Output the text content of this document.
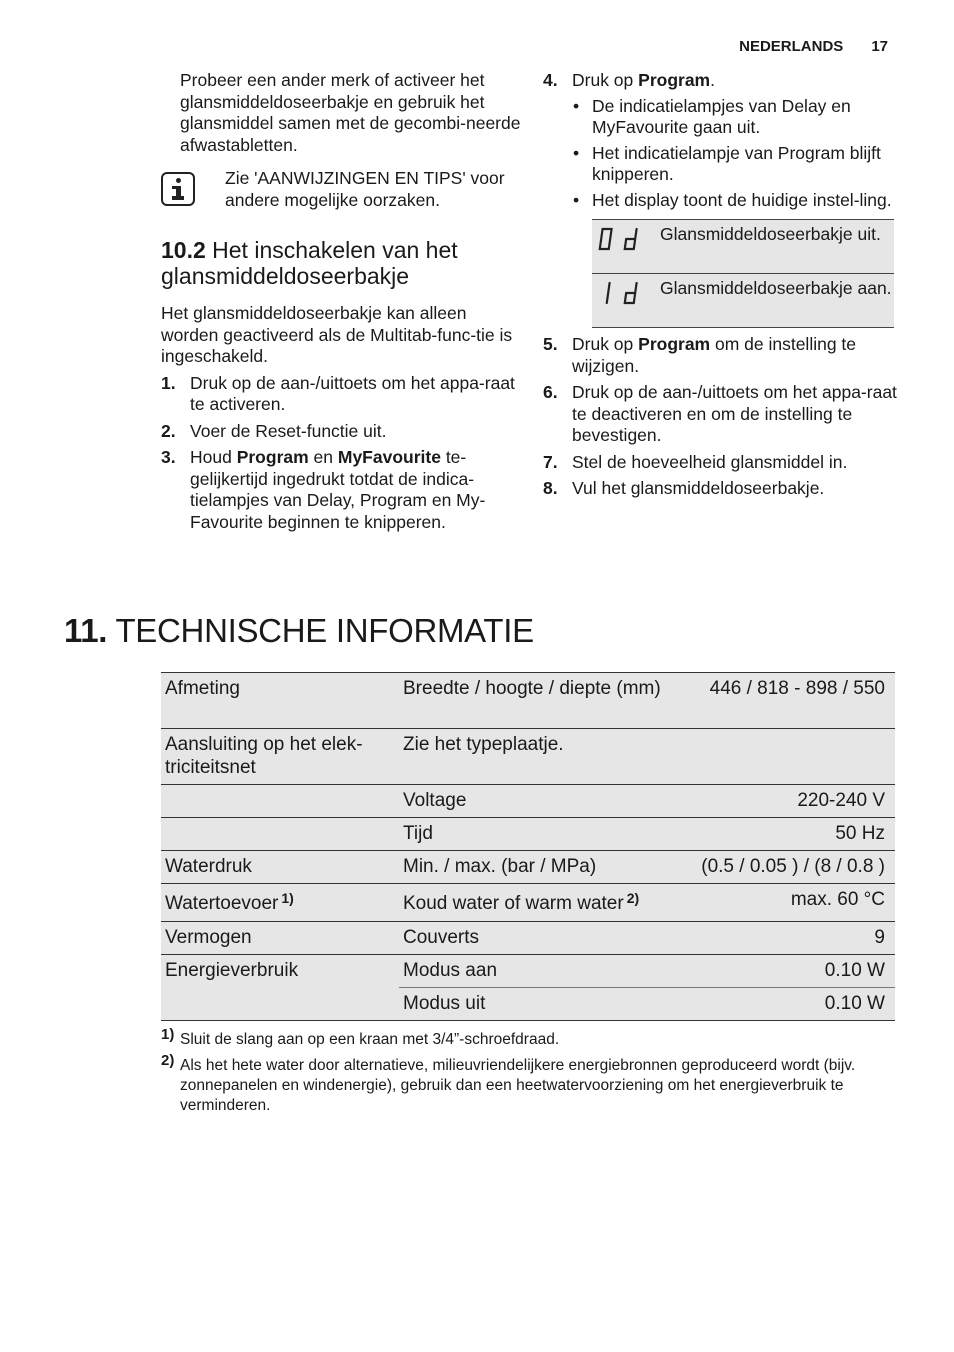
NEDERLANDS 17

Probeer een ander merk of activeer het glansmiddeldoseerbakje en gebruik het glansmiddel samen met de gecombi-neerde afwastabletten.

Zie 'AANWIJZINGEN EN TIPS' voor andere mogelijke oorzaken.

10.2 Het inschakelen van het glansmiddeldoseerbakje

Het glansmiddeldoseerbakje kan alleen worden geactiveerd als de Multitab-func-tie is ingeschakeld.

1. Druk op de aan-/uittoets om het appa-raat te activeren.
2. Voer de Reset-functie uit.
3. Houd Program en MyFavourite te-gelijkertijd ingedrukt totdat de indica-tielampjes van Delay, Program en My-Favourite beginnen te knipperen.
4. Druk op Program.
• De indicatielampjes van Delay en MyFavourite gaan uit.
• Het indicatielampje van Program blijft knipperen.
• Het display toont de huidige instel-ling.
Glansmiddeldoseerbakje uit.
Glansmiddeldoseerbakje aan.
5. Druk op Program om de instelling te wijzigen.
6. Druk op de aan-/uittoets om het appa-raat te deactiveren en om de instelling te bevestigen.
7. Stel de hoeveelheid glansmiddel in.
8. Vul het glansmiddeldoseerbakje.
11. TECHNISCHE INFORMATIE
Afmeting	Breedte / hoogte / diepte (mm)	446 / 818 - 898 / 550
Aansluiting op het elek-triciteitsnet	Zie het typeplaatje.	
	Voltage	220-240 V
	Tijd	50 Hz
Waterdruk	Min. / max. (bar / MPa)	(0.5 / 0.05 ) / (8 / 0.8 )
Watertoevoer $^{1)}$	Koud water of warm water $^{2)}$	max. 60 °C
Vermogen	Couverts	9
Energieverbruik	Modus aan	0.10 W
	Modus uit	0.10 W
1) Sluit de slang aan op een kraan met 3/4”-schroefdraad.
2) Als het hete water door alternatieve, milieuvriendelijkere energiebronnen geproduceerd wordt (bijv. zonnepanelen en windenergie), gebruik dan een heetwatervoorziening om het energieverbruik te verminderen.
